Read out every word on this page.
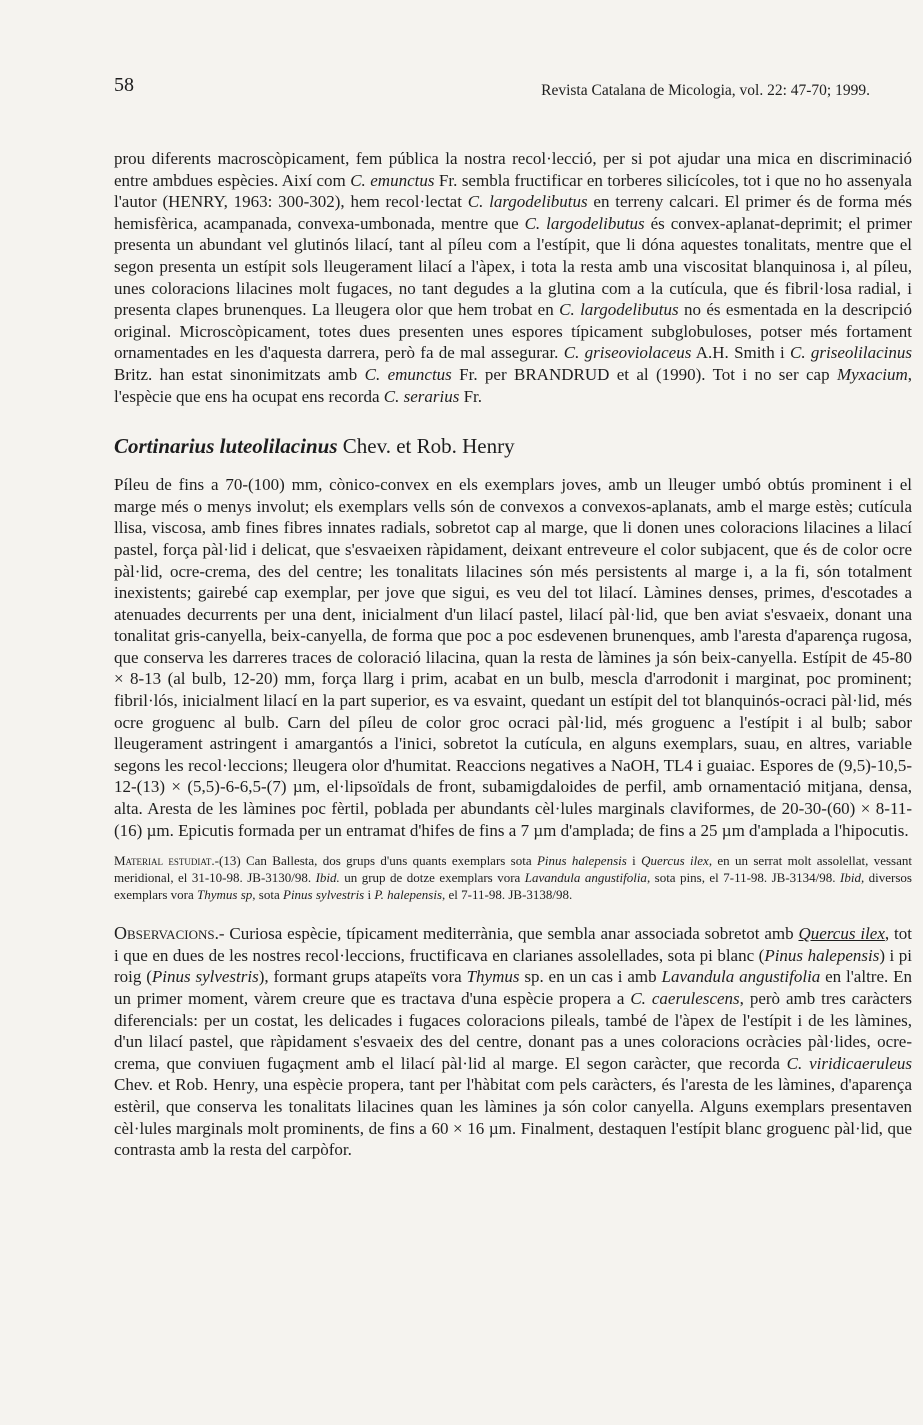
58	Revista Catalana de Micologia, vol. 22: 47-70; 1999.

prou diferents macroscòpicament, fem pública la nostra recol·lecció, per si pot ajudar una mica en discriminació entre ambdues espècies. Així com C. emunctus Fr. sembla fructificar en torberes silicícoles, tot i que no ho assenyala l'autor (HENRY, 1963: 300-302), hem recol·lectat C. largodelibutus en terreny calcari. El primer és de forma més hemisfèrica, acampanada, convexa-umbonada, mentre que C. largodelibutus és convex-aplanat-deprimit; el primer presenta un abundant vel glutinós lilací, tant al píleu com a l'estípit, que li dóna aquestes tonalitats, mentre que el segon presenta un estípit sols lleugerament lilací a l'àpex, i tota la resta amb una viscositat blanquinosa i, al píleu, unes coloracions lilacines molt fugaces, no tant degudes a la glutina com a la cutícula, que és fibril·losa radial, i presenta clapes brunenques. La lleugera olor que hem trobat en C. largodelibutus no és esmentada en la descripció original. Microscòpicament, totes dues presenten unes espores típicament subglobuloses, potser més fortament ornamentades en les d'aquesta darrera, però fa de mal assegurar. C. griseoviolaceus A.H. Smith i C. griseolilacinus Britz. han estat sinonimitzats amb C. emunctus Fr. per BRANDRUD et al (1990). Tot i no ser cap Myxacium, l'espècie que ens ha ocupat ens recorda C. serarius Fr.

Cortinarius luteolilacinus Chev. et Rob. Henry

Píleu de fins a 70-(100) mm, cònico-convex en els exemplars joves, amb un lleuger umbó obtús prominent i el marge més o menys involut; els exemplars vells són de convexos a convexos-aplanats, amb el marge estès; cutícula llisa, viscosa, amb fines fibres innates radials, sobretot cap al marge, que li donen unes coloracions lilacines a lilací pastel, força pàl·lid i delicat, que s'esvaeixen ràpidament, deixant entreveure el color subjacent, que és de color ocre pàl·lid, ocre-crema, des del centre; les tonalitats lilacines són més persistents al marge i, a la fi, són totalment inexistents; gairebé cap exemplar, per jove que sigui, es veu del tot lilací. Làmines denses, primes, d'escotades a atenuades decurrents per una dent, inicialment d'un lilací pastel, lilací pàl·lid, que ben aviat s'esvaeix, donant una tonalitat gris-canyella, beix-canyella, de forma que poc a poc esdevenen brunenques, amb l'aresta d'aparença rugosa, que conserva les darreres traces de coloració lilacina, quan la resta de làmines ja són beix-canyella. Estípit de 45-80 × 8-13 (al bulb, 12-20) mm, força llarg i prim, acabat en un bulb, mescla d'arrodonit i marginat, poc prominent; fibril·lós, inicialment lilací en la part superior, es va esvaint, quedant un estípit del tot blanquinós-ocraci pàl·lid, més ocre groguenc al bulb. Carn del píleu de color groc ocraci pàl·lid, més groguenc a l'estípit i al bulb; sabor lleugerament astringent i amargantós a l'inici, sobretot la cutícula, en alguns exemplars, suau, en altres, variable segons les recol·leccions; lleugera olor d'humitat. Reaccions negatives a NaOH, TL4 i guaiac. Espores de (9,5)-10,5-12-(13) × (5,5)-6-6,5-(7) µm, el·lipsoïdals de front, subamigdaloides de perfil, amb ornamentació mitjana, densa, alta. Aresta de les làmines poc fèrtil, poblada per abundants cèl·lules marginals claviformes, de 20-30-(60) × 8-11-(16) µm. Epicutis formada per un entramat d'hifes de fins a 7 µm d'amplada; de fins a 25 µm d'amplada a l'hipocutis.

Material estudiat.-(13) Can Ballesta, dos grups d'uns quants exemplars sota Pinus halepensis i Quercus ilex, en un serrat molt assolellat, vessant meridional, el 31-10-98. JB-3130/98. Ibid. un grup de dotze exemplars vora Lavandula angustifolia, sota pins, el 7-11-98. JB-3134/98. Ibid, diversos exemplars vora Thymus sp, sota Pinus sylvestris i P. halepensis, el 7-11-98. JB-3138/98.

Observacions.- Curiosa espècie, típicament mediterrània, que sembla anar associada sobretot amb Quercus ilex, tot i que en dues de les nostres recol·leccions, fructificava en clarianes assolellades, sota pi blanc (Pinus halepensis) i pi roig (Pinus sylvestris), formant grups atapeïts vora Thymus sp. en un cas i amb Lavandula angustifolia en l'altre. En un primer moment, vàrem creure que es tractava d'una espècie propera a C. caerulescens, però amb tres caràcters diferencials: per un costat, les delicades i fugaces coloracions pileals, també de l'àpex de l'estípit i de les làmines, d'un lilací pastel, que ràpidament s'esvaeix des del centre, donant pas a unes coloracions ocràcies pàl·lides, ocre-crema, que conviuen fugaçment amb el lilací pàl·lid al marge. El segon caràcter, que recorda C. viridicaeruleus Chev. et Rob. Henry, una espècie propera, tant per l'hàbitat com pels caràcters, és l'aresta de les làmines, d'aparença estèril, que conserva les tonalitats lilacines quan les làmines ja són color canyella. Alguns exemplars presentaven cèl·lules marginals molt prominents, de fins a 60 × 16 µm. Finalment, destaquen l'estípit blanc groguenc pàl·lid, que contrasta amb la resta del carpòfor.
